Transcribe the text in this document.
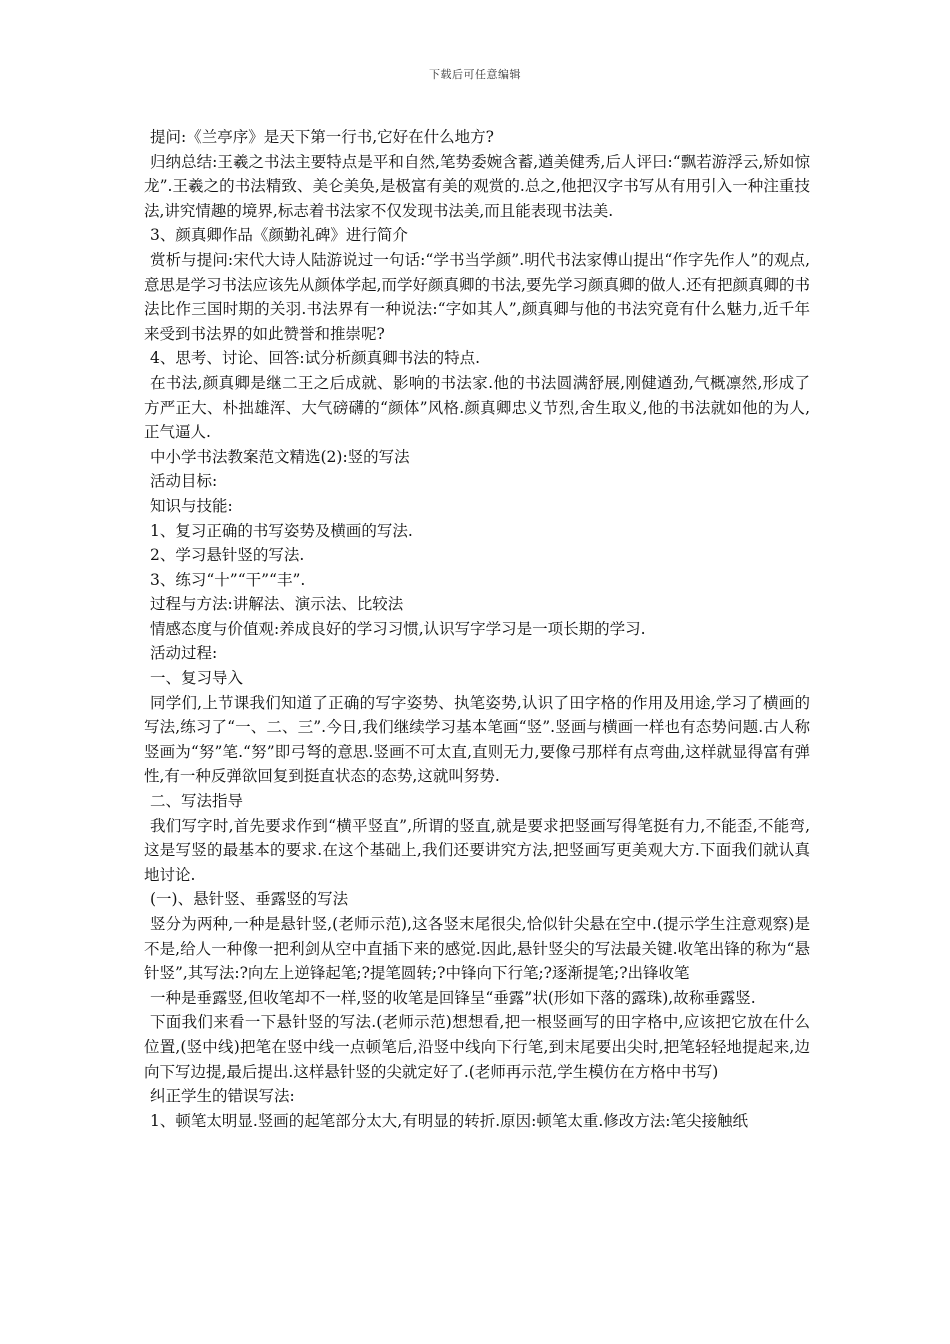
下载后可任意编辑

提问:《兰亭序》是天下第一行书,它好在什么地方?

归纳总结:王羲之书法主要特点是平和自然,笔势委婉含蓄,遒美健秀,后人评曰:“飘若游浮云,矫如惊龙”.王羲之的书法精致、美仑美奂,是极富有美的观赏的.总之,他把汉字书写从有用引入一种注重技法,讲究情趣的境界,标志着书法家不仅发现书法美,而且能表现书法美.

3、颜真卿作品《颜勤礼碑》进行简介

赏析与提问:宋代大诗人陆游说过一句话:“学书当学颜”.明代书法家傅山提出“作字先作人”的观点,意思是学习书法应该先从颜体学起,而学好颜真卿的书法,要先学习颜真卿的做人.还有把颜真卿的书法比作三国时期的关羽.书法界有一种说法:“字如其人”,颜真卿与他的书法究竟有什么魅力,近千年来受到书法界的如此赞誉和推崇呢?

4、思考、讨论、回答:试分析颜真卿书法的特点.

在书法,颜真卿是继二王之后成就、影响的书法家.他的书法圆满舒展,刚健遒劲,气概凛然,形成了方严正大、朴拙雄浑、大气磅礴的“颜体”风格.颜真卿忠义节烈,舍生取义,他的书法就如他的为人,正气逼人.

中小学书法教案范文精选(2):竖的写法

活动目标:

知识与技能:

1、复习正确的书写姿势及横画的写法.

2、学习悬针竖的写法.

3、练习“十”“干”“丰”.

过程与方法:讲解法、演示法、比较法

情感态度与价值观:养成良好的学习习惯,认识写字学习是一项长期的学习.

活动过程:

一、复习导入

同学们,上节课我们知道了正确的写字姿势、执笔姿势,认识了田字格的作用及用途,学习了横画的写法,练习了“一、二、三”.今日,我们继续学习基本笔画“竖”.竖画与横画一样也有态势问题.古人称竖画为“努”笔.“努”即弓弩的意思.竖画不可太直,直则无力,要像弓那样有点弯曲,这样就显得富有弹性,有一种反弹欲回复到挺直状态的态势,这就叫努势.

二、写法指导

我们写字时,首先要求作到“横平竖直”,所谓的竖直,就是要求把竖画写得笔挺有力,不能歪,不能弯,这是写竖的最基本的要求.在这个基础上,我们还要讲究方法,把竖画写更美观大方.下面我们就认真地讨论.

(一)、悬针竖、垂露竖的写法

竖分为两种,一种是悬针竖,(老师示范),这各竖末尾很尖,恰似针尖悬在空中.(提示学生注意观察)是不是,给人一种像一把利剑从空中直插下来的感觉.因此,悬针竖尖的写法最关键.收笔出锋的称为“悬针竖”,其写法:?向左上逆锋起笔;?提笔圆转;?中锋向下行笔;?逐渐提笔;?出锋收笔

一种是垂露竖,但收笔却不一样,竖的收笔是回锋呈“垂露”状(形如下落的露珠),故称垂露竖.

下面我们来看一下悬针竖的写法.(老师示范)想想看,把一根竖画写的田字格中,应该把它放在什么位置,(竖中线)把笔在竖中线一点顿笔后,沿竖中线向下行笔,到末尾要出尖时,把笔轻轻地提起来,边向下写边提,最后提出.这样悬针竖的尖就定好了.(老师再示范,学生模仿在方格中书写)

纠正学生的错误写法:

1、顿笔太明显.竖画的起笔部分太大,有明显的转折.原因:顿笔太重.修改方法:笔尖接触纸
